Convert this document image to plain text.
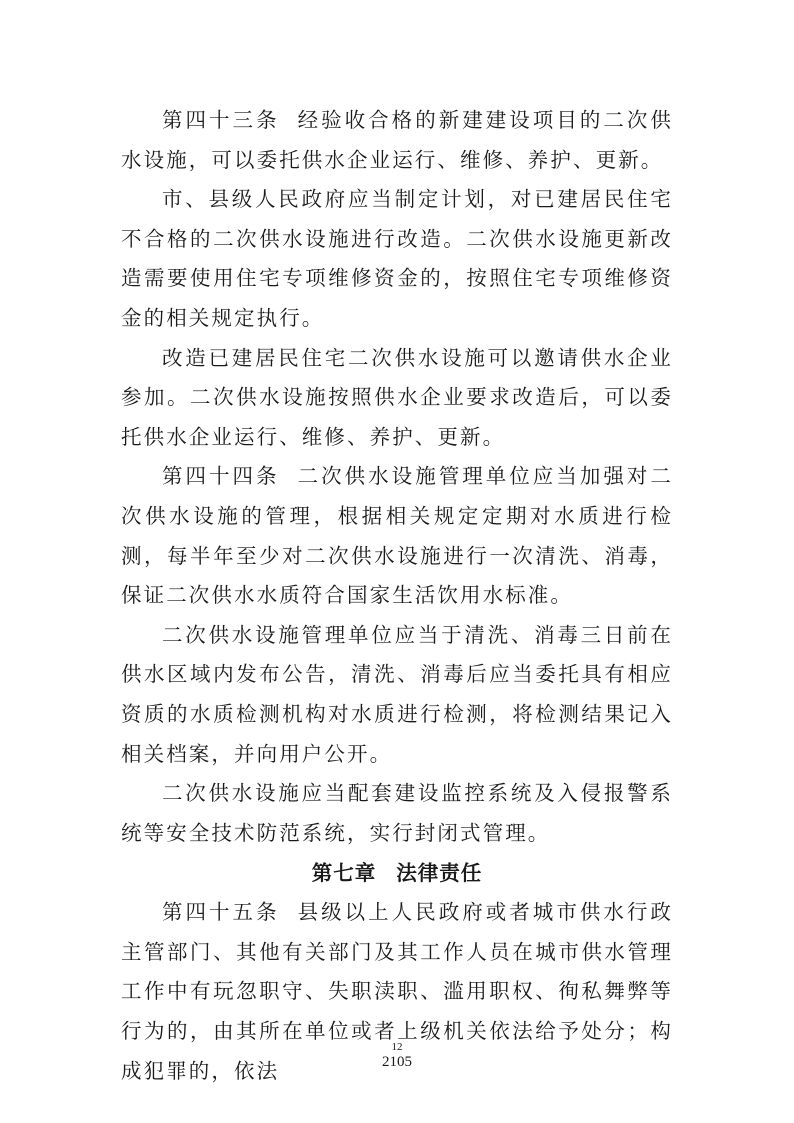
第四十三条 经验收合格的新建建设项目的二次供水设施，可以委托供水企业运行、维修、养护、更新。

市、县级人民政府应当制定计划，对已建居民住宅不合格的二次供水设施进行改造。二次供水设施更新改造需要使用住宅专项维修资金的，按照住宅专项维修资金的相关规定执行。

改造已建居民住宅二次供水设施可以邀请供水企业参加。二次供水设施按照供水企业要求改造后，可以委托供水企业运行、维修、养护、更新。

第四十四条 二次供水设施管理单位应当加强对二次供水设施的管理，根据相关规定定期对水质进行检测，每半年至少对二次供水设施进行一次清洗、消毒，保证二次供水水质符合国家生活饮用水标准。

二次供水设施管理单位应当于清洗、消毒三日前在供水区域内发布公告，清洗、消毒后应当委托具有相应资质的水质检测机构对水质进行检测，将检测结果记入相关档案，并向用户公开。

二次供水设施应当配套建设监控系统及入侵报警系统等安全技术防范系统，实行封闭式管理。

第七章 法律责任

第四十五条 县级以上人民政府或者城市供水行政主管部门、其他有关部门及其工作人员在城市供水管理工作中有玩忽职守、失职渎职、滥用职权、徇私舞弊等行为的，由其所在单位或者上级机关依法给予处分；构成犯罪的，依法

12
2105
